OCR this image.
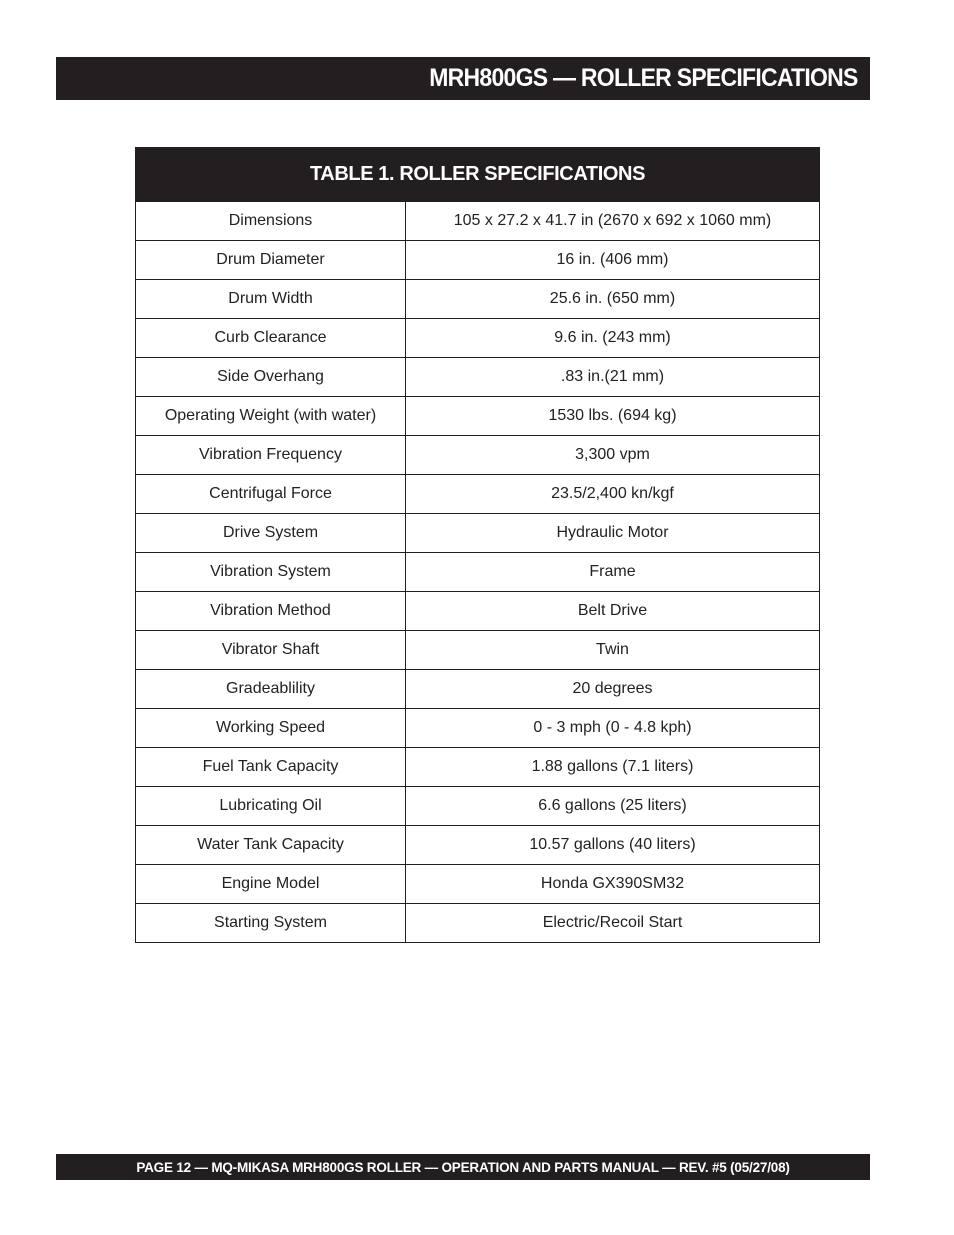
MRH800GS — ROLLER SPECIFICATIONS
TABLE 1. ROLLER SPECIFICATIONS	
Dimensions	105 x 27.2 x 41.7 in (2670 x 692 x 1060 mm)
Drum Diameter	16 in. (406 mm)
Drum Width	25.6 in. (650 mm)
Curb Clearance	9.6 in. (243 mm)
Side Overhang	.83 in.(21 mm)
Operating Weight (with water)	1530 lbs. (694 kg)
Vibration Frequency	3,300 vpm
Centrifugal Force	23.5/2,400 kn/kgf
Drive System	Hydraulic Motor
Vibration System	Frame
Vibration Method	Belt Drive
Vibrator Shaft	Twin
Gradeablility	20 degrees
Working Speed	0 - 3 mph (0 - 4.8 kph)
Fuel Tank Capacity	1.88 gallons (7.1 liters)
Lubricating Oil	6.6 gallons (25 liters)
Water Tank Capacity	10.57 gallons (40 liters)
Engine Model	Honda GX390SM32
Starting System	Electric/Recoil Start
PAGE 12 — MQ-MIKASA MRH800GS ROLLER — OPERATION AND PARTS MANUAL — REV. #5 (05/27/08)
